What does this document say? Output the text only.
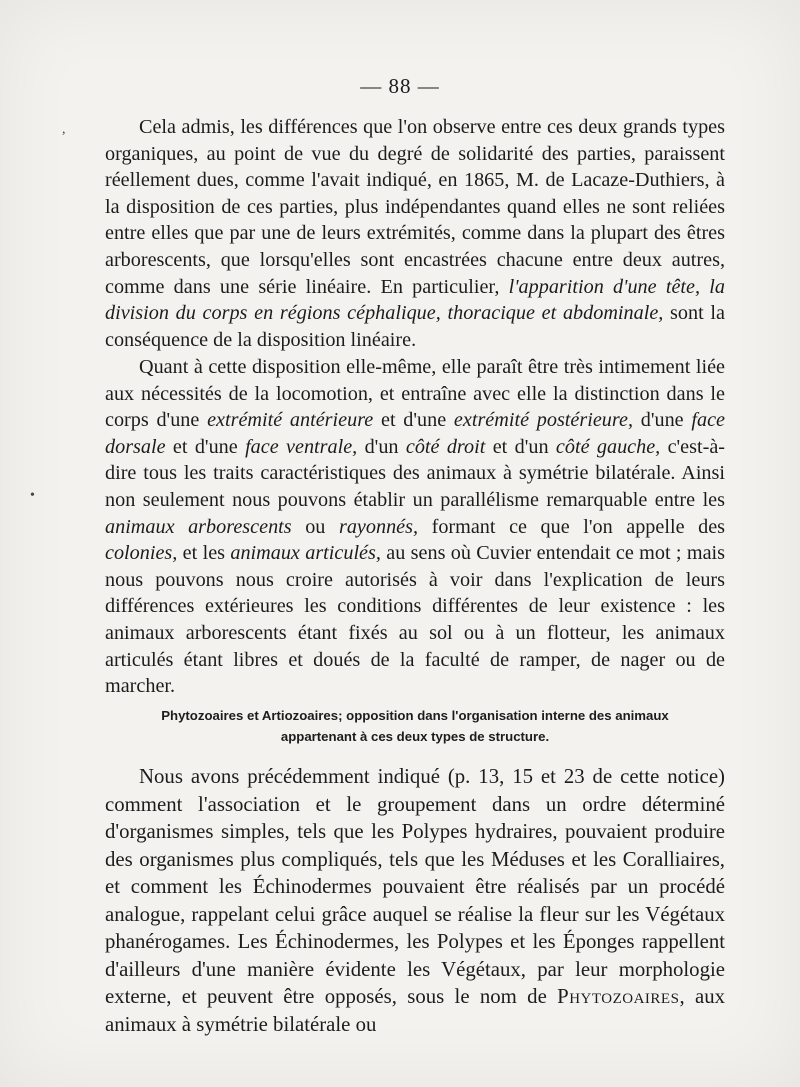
— 88 —
,
•

Cela admis, les différences que l'on observe entre ces deux grands types organiques, au point de vue du degré de solidarité des parties, paraissent réellement dues, comme l'avait indiqué, en 1865, M. de Lacaze-Duthiers, à la disposition de ces parties, plus indépendantes quand elles ne sont reliées entre elles que par une de leurs extrémités, comme dans la plupart des êtres arborescents, que lorsqu'elles sont encastrées chacune entre deux autres, comme dans une série linéaire. En particulier, l'apparition d'une tête, la division du corps en régions céphalique, thoracique et abdominale, sont la conséquence de la disposition linéaire.

Quant à cette disposition elle-même, elle paraît être très intimement liée aux nécessités de la locomotion, et entraîne avec elle la distinction dans le corps d'une extrémité antérieure et d'une extrémité postérieure, d'une face dorsale et d'une face ventrale, d'un côté droit et d'un côté gauche, c'est-à-dire tous les traits caractéristiques des animaux à symétrie bilatérale. Ainsi non seulement nous pouvons établir un parallélisme remarquable entre les animaux arborescents ou rayonnés, formant ce que l'on appelle des colonies, et les animaux articulés, au sens où Cuvier entendait ce mot ; mais nous pouvons nous croire autorisés à voir dans l'explication de leurs différences extérieures les conditions différentes de leur existence : les animaux arborescents étant fixés au sol ou à un flotteur, les animaux articulés étant libres et doués de la faculté de ramper, de nager ou de marcher.

Phytozoaires et Artiozoaires; opposition dans l'organisation interne des animaux
appartenant à ces deux types de structure.

Nous avons précédemment indiqué (p. 13, 15 et 23 de cette notice) comment l'association et le groupement dans un ordre déterminé d'organismes simples, tels que les Polypes hydraires, pouvaient produire des organismes plus compliqués, tels que les Méduses et les Coralliaires, et comment les Échinodermes pouvaient être réalisés par un procédé analogue, rappelant celui grâce auquel se réalise la fleur sur les Végétaux phanérogames. Les Échinodermes, les Polypes et les Éponges rappellent d'ailleurs d'une manière évidente les Végétaux, par leur morphologie externe, et peuvent être opposés, sous le nom de Phytozoaires, aux animaux à symétrie bilatérale ou
